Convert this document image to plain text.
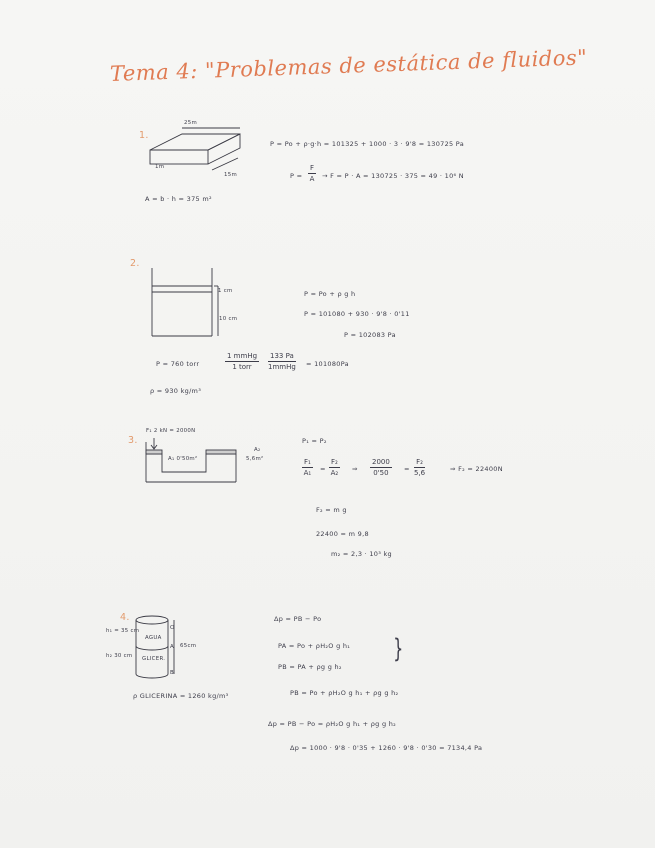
Tema 4: "Problemas de estática de fluidos"
1.
25m
15m
1m
A = b · h = 375 m²
P = Po + ρ·g·h = 101325 + 1000 · 3 · 9'8 = 130725 Pa
$P = \frac{F}{A} \to F = P \cdot A = 130725 \cdot 375 = 49 \cdot 10^6$ N
2.
1 cm
10 cm
P = Po + ρ g h
P = 101080 + 930 · 9'8 · 0'11
P = 102083 Pa
P = 760 torr
1 mmHg
1 torr
133 Pa
1mmHg = 101080Pa
ρ = 930 kg/m³
3.
F₁ 2 kN = 2000N
A₁ 0'50m²
A₂
5,6m²
P₁ = P₂
$\frac{\text{F₁}}{\text{A₁}} = \frac{\text{F₂}}{\text{A₂}}$ ⇒ $\frac{2000}{0'50} = \frac{\text{F₂}}{5,6}$	⇒ F₂ = 22400N
F₂ = m g
22400 = m 9,8
m₂ = 2,3 · 10³ kg
4.
h₁ = 35 cm
h₂ 30 cm
AGUA
GLICER.
65cm
O
A
B
ρ GLICERINA = 1260 kg/m³
Δp = PB − Po
PA = Po + ρH₂O g h₁
PB = PA + ρg g h₂
}
PB = Po + ρH₂O g h₁ + ρg g h₂
Δp = PB − Po = ρH₂O g h₁ + ρg g h₂
Δp = 1000 · 9'8 · 0'35 + 1260 · 9'8 · 0'30 = 7134,4 Pa
